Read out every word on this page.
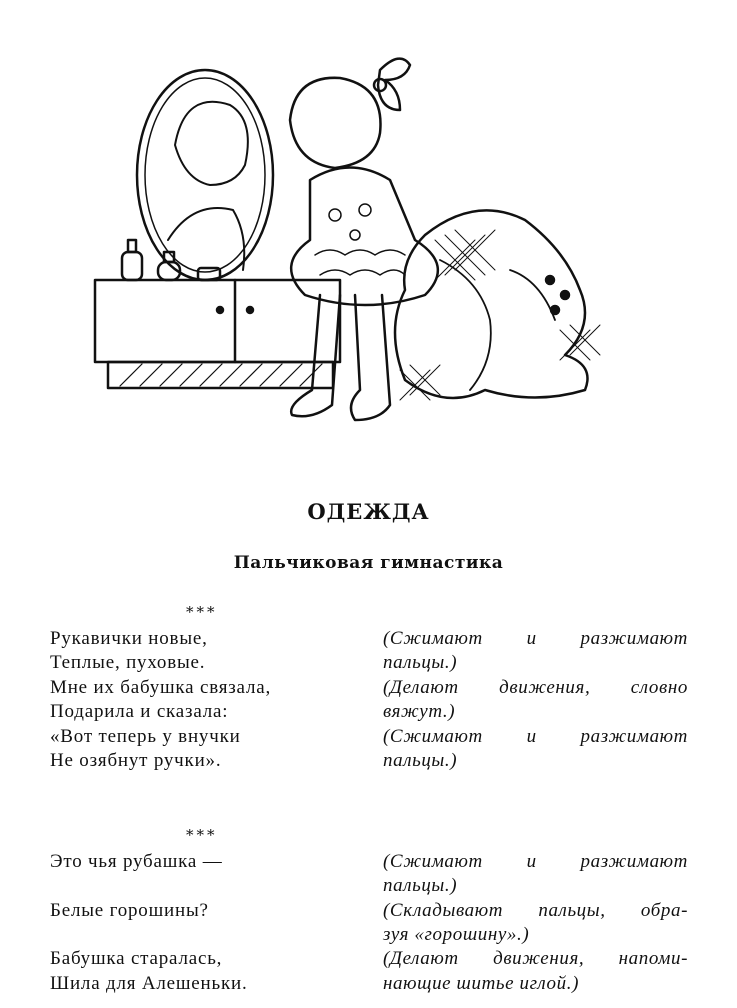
ОДЕЖДА
Пальчиковая гимнастика
***
Рукавички новые,
Теплые, пуховые.
Мне их бабушка связала,
Подарила и сказала:
«Вот теперь у внучки
Не озябнут ручки».
(Сжимают и разжимают
пальцы.)
(Делают движения, словно
вяжут.)
(Сжимают и разжимают
пальцы.)
***
Это чья рубашка —
Белые горошины?
Бабушка старалась,
Шила для Алешеньки.
(Сжимают и разжимают
пальцы.)
(Складывают пальцы, обра-
зуя «горошину».)
(Делают движения, напоми-
нающие шитье иглой.)
